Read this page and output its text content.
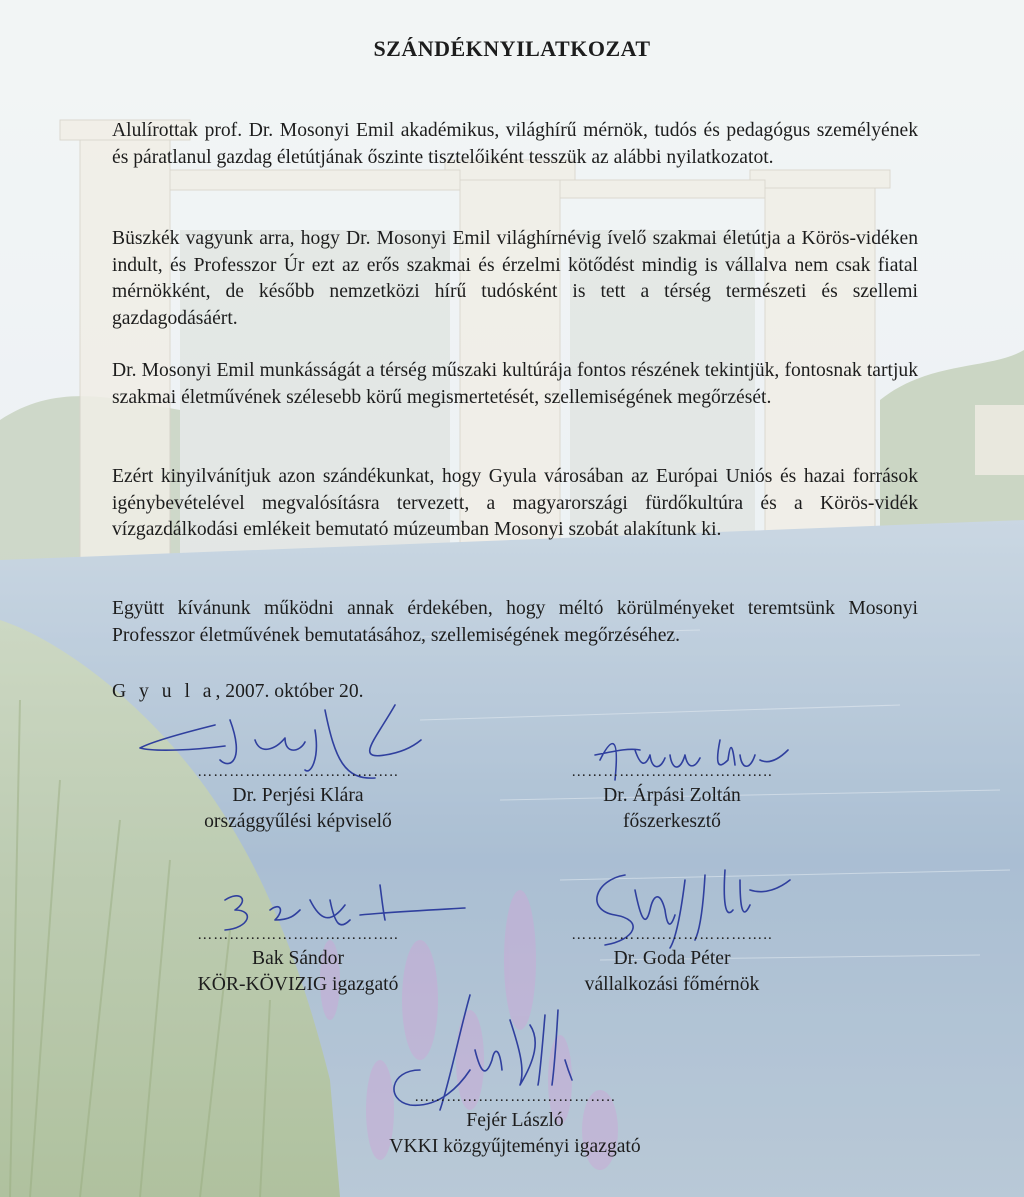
SZÁNDÉKNYILATKOZAT

Alulírottak prof. Dr. Mosonyi Emil akadémikus, világhírű mérnök, tudós és pedagógus személyének és páratlanul gazdag életútjának őszinte tisztelőiként tesszük az alábbi nyilatkozatot.

Büszkék vagyunk arra, hogy Dr. Mosonyi Emil világhírnévig ívelő szakmai életútja a Körös-vidéken indult, és Professzor Úr ezt az erős szakmai és érzelmi kötődést mindig is vállalva nem csak fiatal mérnökként, de később nemzetközi hírű tudósként is tett a térség természeti és szellemi gazdagodásáért.

Dr. Mosonyi Emil munkásságát a térség műszaki kultúrája fontos részének tekintjük, fontosnak tartjuk szakmai életművének szélesebb körű megismertetését, szellemiségének megőrzését.

Ezért kinyilvánítjuk azon szándékunkat, hogy Gyula városában az Európai Uniós és hazai források igénybevételével megvalósításra tervezett, a magyarországi fürdőkultúra és a Körös-vidék vízgazdálkodási emlékeit bemutató múzeumban Mosonyi szobát alakítunk ki.

Együtt kívánunk működni annak érdekében, hogy méltó körülményeket teremtsünk Mosonyi Professzor életművének bemutatásához, szellemiségének megőrzéséhez.

G y u l a, 2007. október 20.
………………………………..
Dr. Perjési Klára
országgyűlési képviselő
………………………………..
Dr. Árpási Zoltán
főszerkesztő
………………………………..
Bak Sándor
KÖR-KÖVIZIG igazgató
………………………………..
Dr. Goda Péter
vállalkozási főmérnök
………………………………..
Fejér László
VKKI közgyűjteményi igazgató
